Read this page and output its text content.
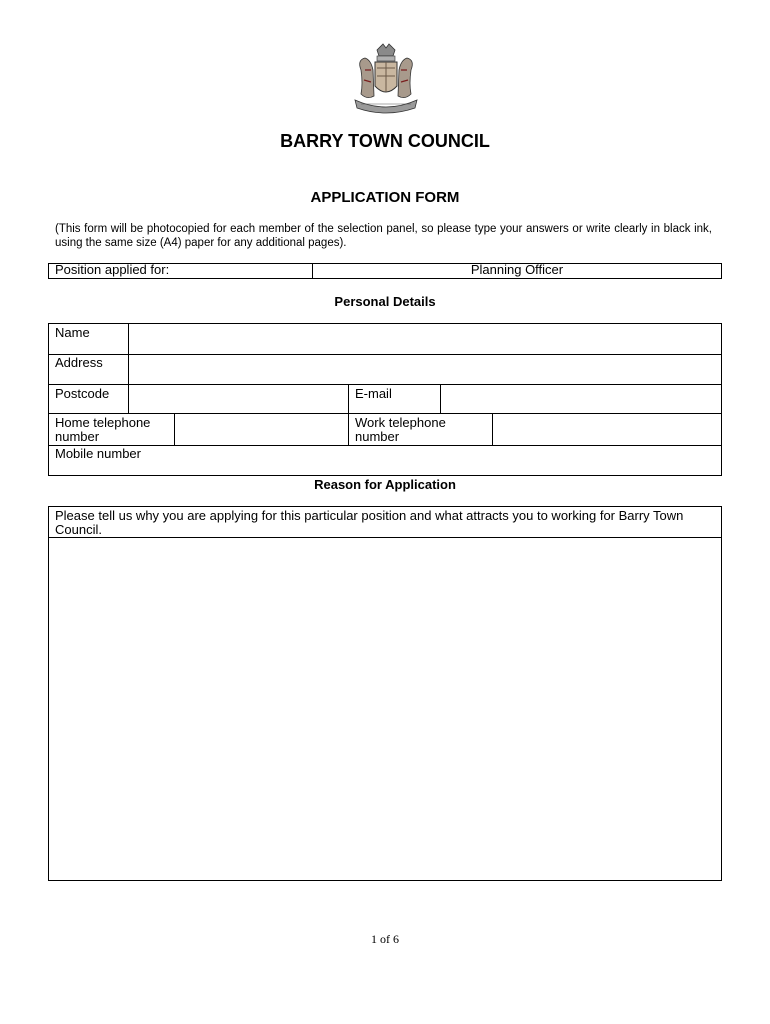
BARRY TOWN COUNCIL
APPLICATION FORM
(This form will be photocopied for each member of the selection panel, so please type your answers or write clearly in black ink, using the same size (A4) paper for any additional pages).
Position applied for:	Planning Officer
Personal Details
Name
Address
Postcode	E-mail
Home telephone number
Work telephone number
Mobile number
Reason for Application
Please tell us why you are applying for this particular position and what attracts you to working for Barry Town Council.
1 of 6
